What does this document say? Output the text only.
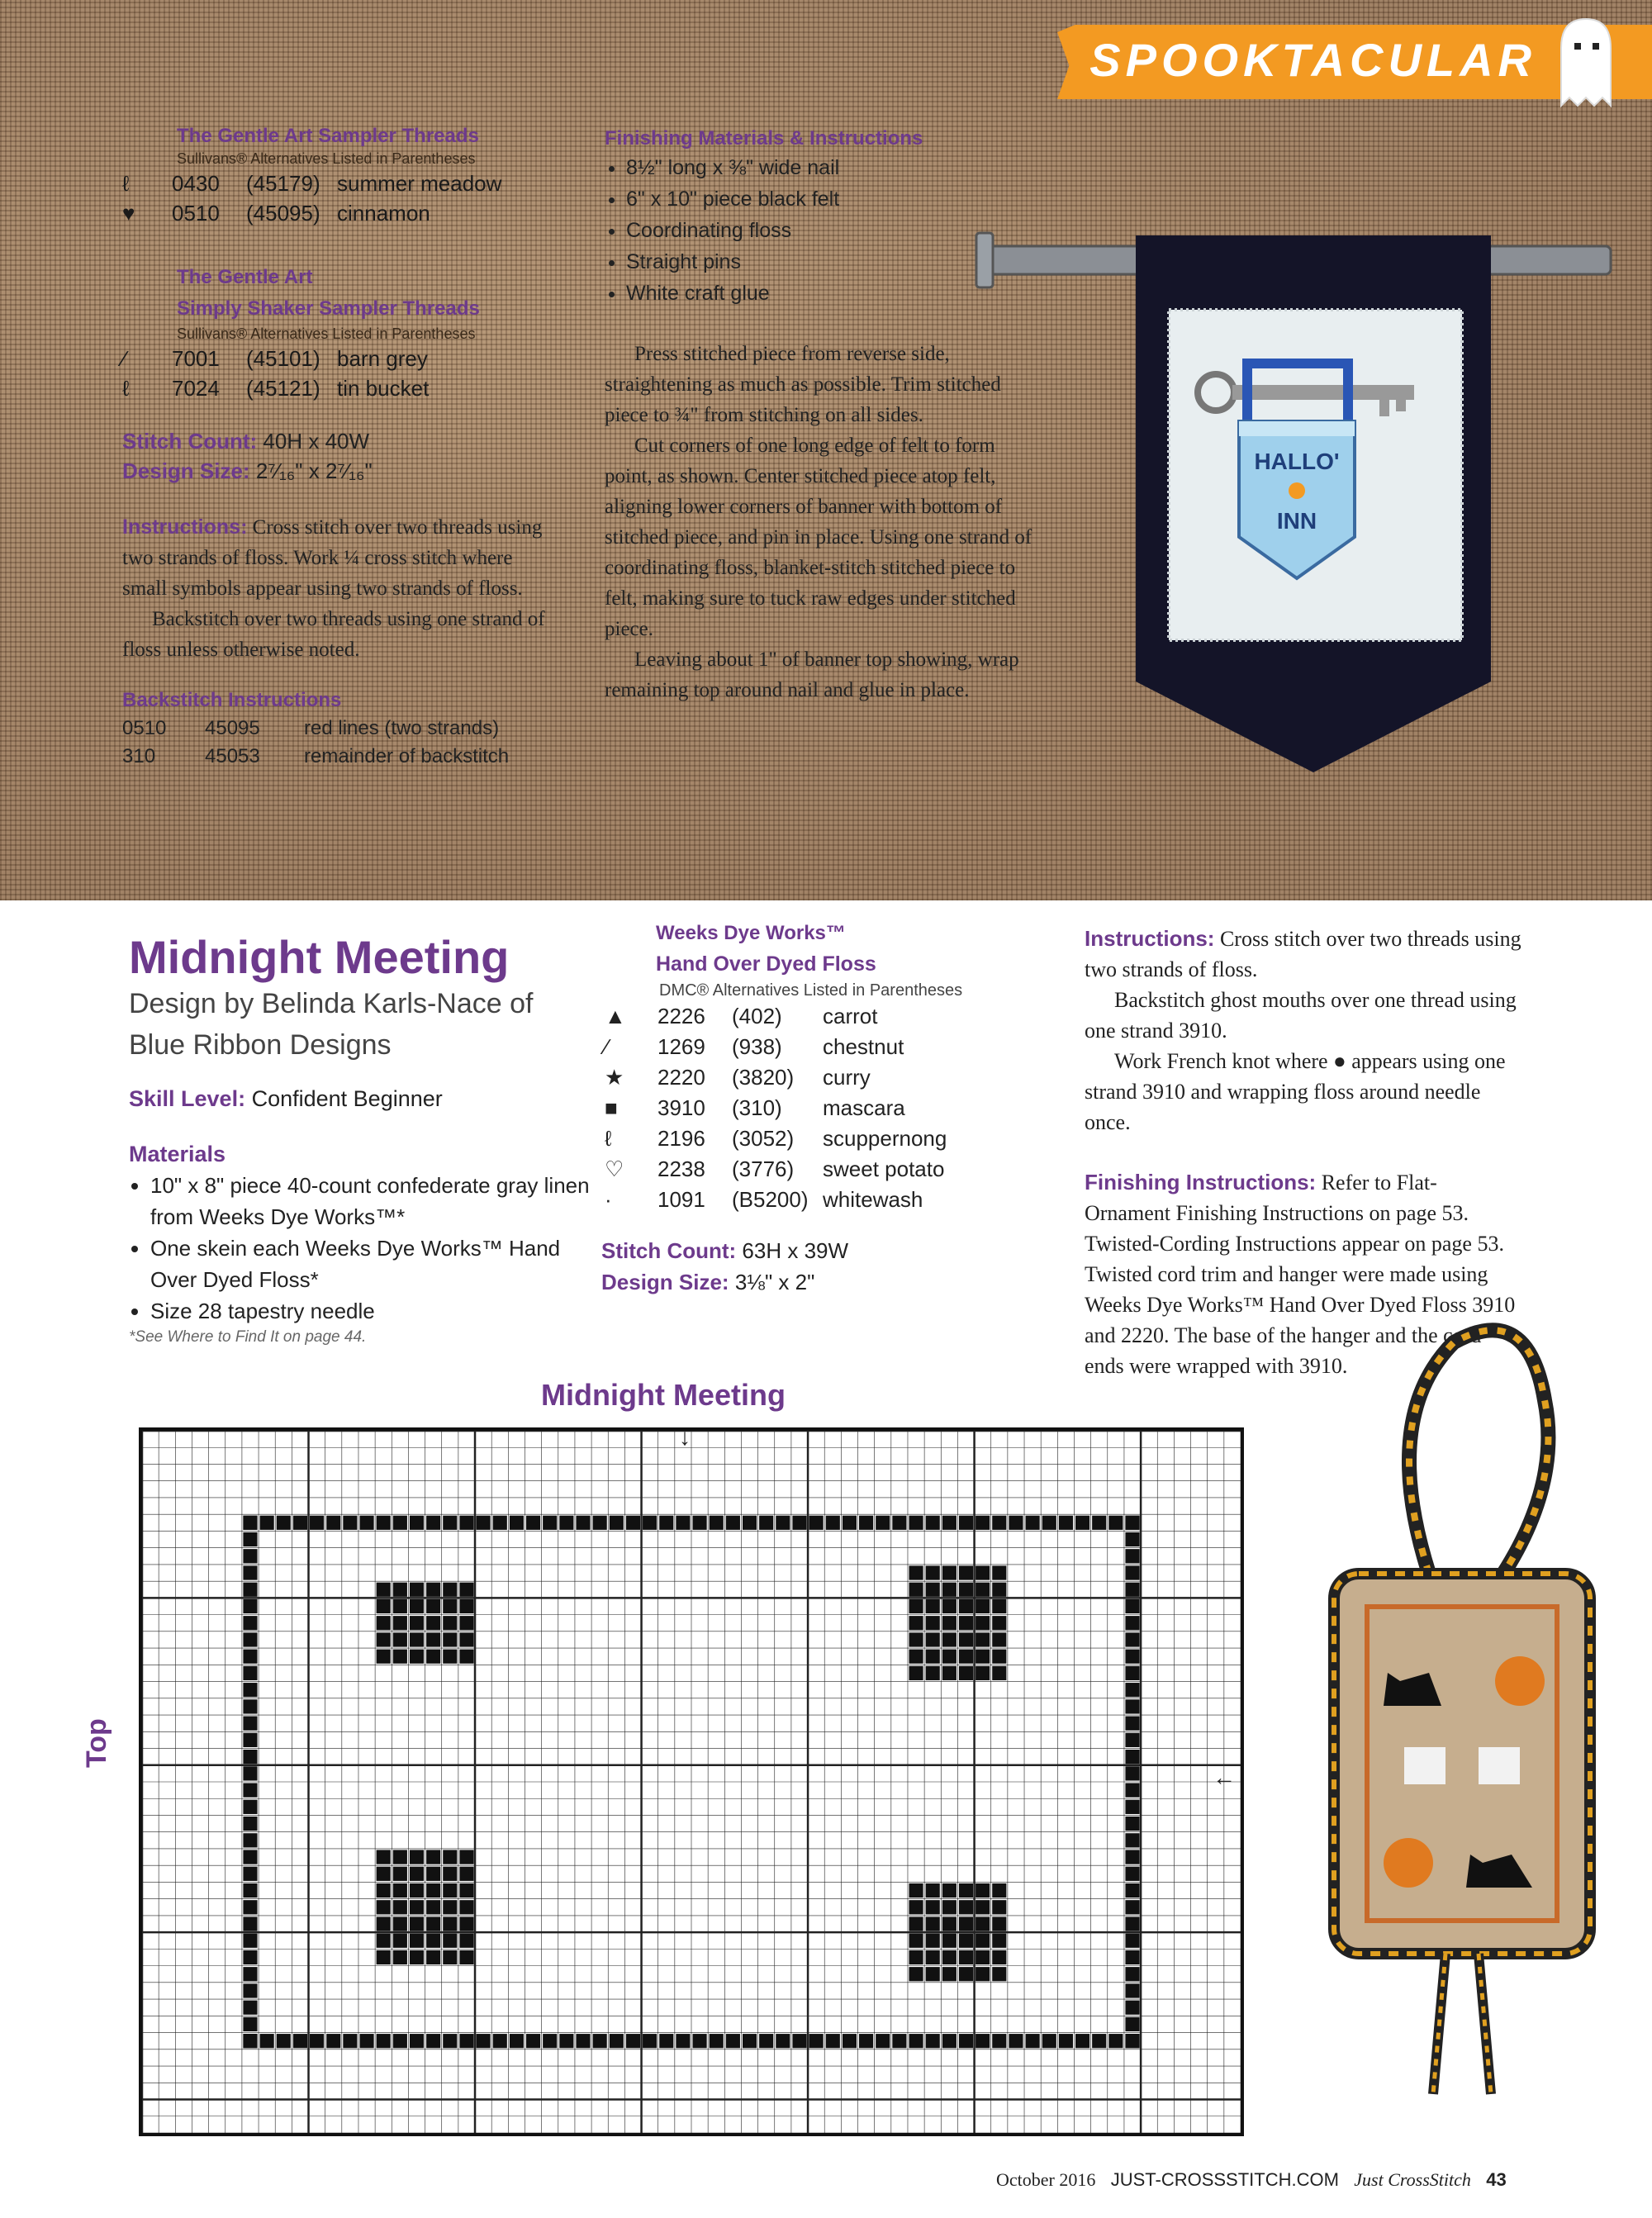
SPOOKTACULAR
The Gentle Art Sampler Threads
Sullivans® Alternatives Listed in Parentheses
ℓ 0430 (45179) summer meadow
♥ 0510 (45095) cinnamon
The Gentle Art
Simply Shaker Sampler Threads
Sullivans® Alternatives Listed in Parentheses
∕ 7001 (45101) barn grey
ℓ 7024 (45121) tin bucket
Stitch Count: 40H x 40W
Design Size: 2⁷⁄₁₆" x 2⁷⁄₁₆"
Instructions: Cross stitch over two threads using two strands of floss. Work ¼ cross stitch where small symbols appear using two strands of floss.
Backstitch over two threads using one strand of floss unless otherwise noted.
Backstitch Instructions
0510 45095 red lines (two strands)
310 45053 remainder of backstitch
Finishing Materials & Instructions
• 8½" long x ⅜" wide nail
• 6" x 10" piece black felt
• Coordinating floss
• Straight pins
• White craft glue
Press stitched piece from reverse side, straightening as much as possible. Trim stitched piece to ¾" from stitching on all sides.
Cut corners of one long edge of felt to form point, as shown. Center stitched piece atop felt, aligning lower corners of banner with bottom of stitched piece, and pin in place. Using one strand of coordinating floss, blanket-stitch stitched piece to felt, making sure to tuck raw edges under stitched piece.
Leaving about 1" of banner top showing, wrap remaining top around nail and glue in place.
HALLO'
INN
Midnight Meeting
Design by Belinda Karls-Nace of
Blue Ribbon Designs
Skill Level: Confident Beginner
Materials
• 10" x 8" piece 40-count confederate gray linen from Weeks Dye Works™*
• One skein each Weeks Dye Works™ Hand Over Dyed Floss*
• Size 28 tapestry needle
*See Where to Find It on page 44.
Weeks Dye Works™
Hand Over Dyed Floss
DMC® Alternatives Listed in Parentheses
▲	2226	(402)	carrot
∕	1269	(938)	chestnut
★	2220	(3820)	curry
■	3910	(310)	mascara
ℓ	2196	(3052)	scuppernong
♡	2238	(3776)	sweet potato
·	1091	(B5200)	whitewash
Stitch Count: 63H x 39W
Design Size: 3⅛" x 2"
Instructions: Cross stitch over two threads using two strands of floss.
Backstitch ghost mouths over one thread using one strand 3910.
Work French knot where ● appears using one strand 3910 and wrapping floss around needle once.
Finishing Instructions: Refer to Flat-Ornament Finishing Instructions on page 53. Twisted-Cording Instructions appear on page 53. Twisted cord trim and hanger were made using Weeks Dye Works™ Hand Over Dyed Floss 3910 and 2220. The base of the hanger and the cord ends were wrapped with 3910.
Midnight Meeting
Top
↓
←
October 2016 JUST-CROSSSTITCH.COM Just CrossStitch 43
